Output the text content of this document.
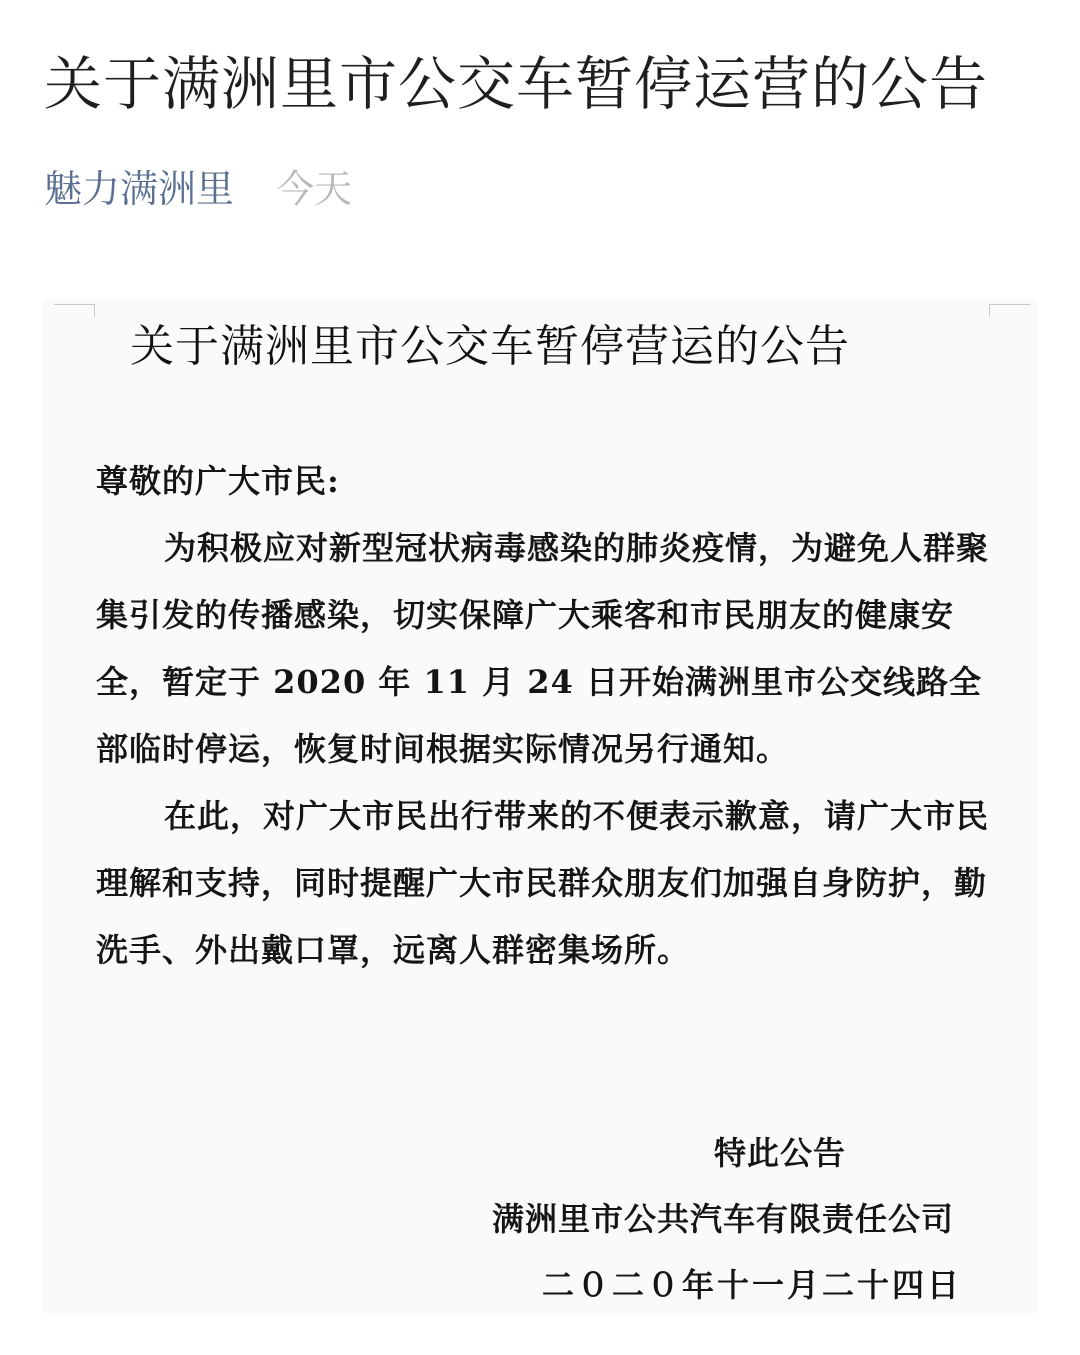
关于满洲里市公交车暂停运营的公告
魅力满洲里 今天
关于满洲里市公交车暂停营运的公告

尊敬的广大市民:

为积极应对新型冠状病毒感染的肺炎疫情，为避免人群聚集引发的传播感染，切实保障广大乘客和市民朋友的健康安全，暂定于 2020 年 11 月 24 日开始满洲里市公交线路全部临时停运，恢复时间根据实际情况另行通知。

在此，对广大市民出行带来的不便表示歉意，请广大市民理解和支持，同时提醒广大市民群众朋友们加强自身防护，勤洗手、外出戴口罩，远离人群密集场所。

特此公告
满洲里市公共汽车有限责任公司
二０二０年十一月二十四日
